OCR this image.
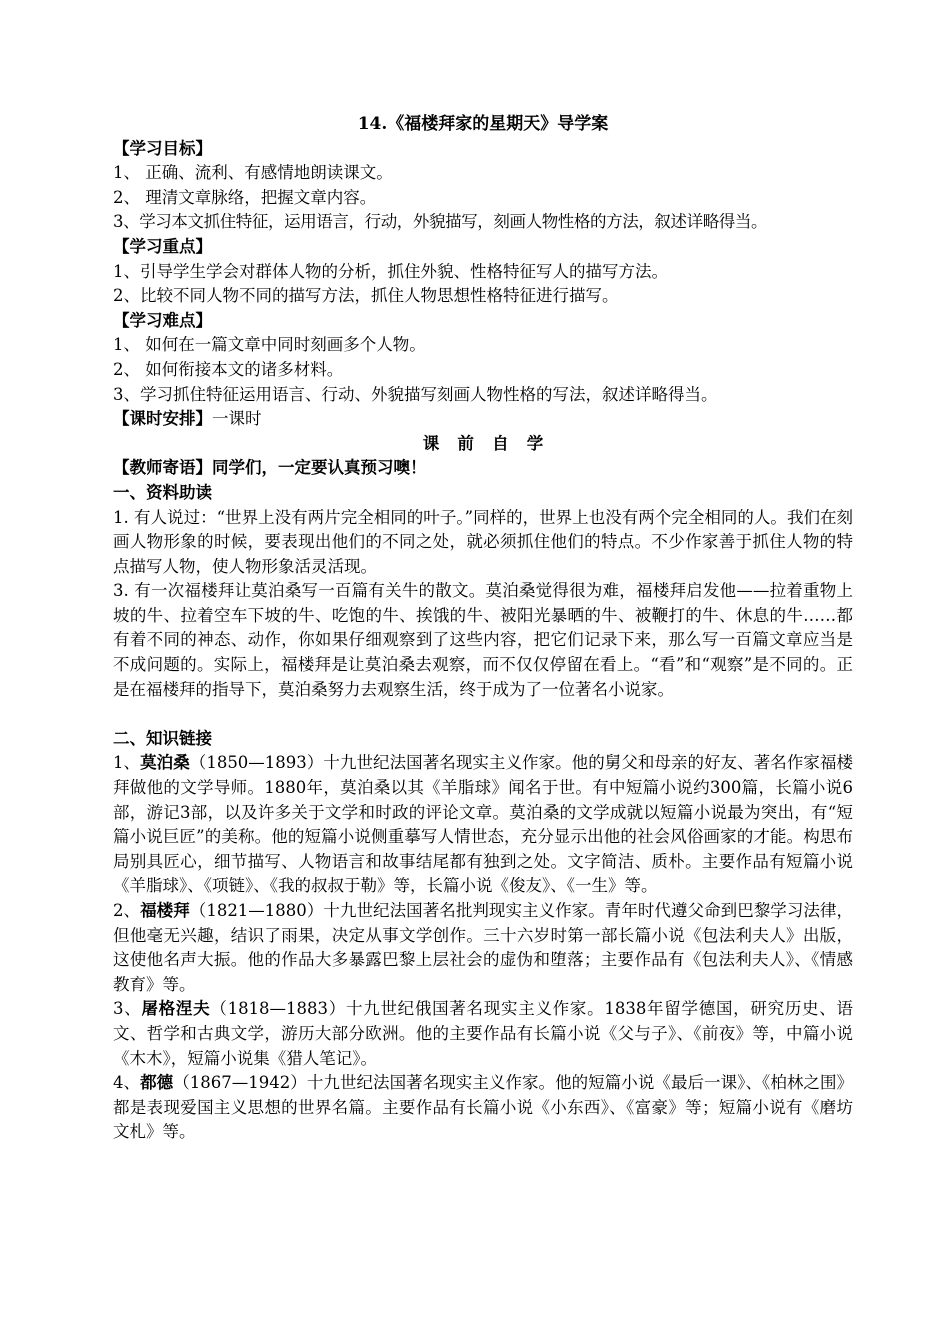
14.《福楼拜家的星期天》导学案

【学习目标】

1、 正确、流利、有感情地朗读课文。

2、 理清文章脉络，把握文章内容。

3、学习本文抓住特征，运用语言，行动，外貌描写，刻画人物性格的方法，叙述详略得当。

【学习重点】

1、引导学生学会对群体人物的分析，抓住外貌、性格特征写人的描写方法。

2、比较不同人物不同的描写方法，抓住人物思想性格特征进行描写。

【学习难点】

1、 如何在一篇文章中同时刻画多个人物。

2、 如何衔接本文的诸多材料。

3、学习抓住特征运用语言、行动、外貌描写刻画人物性格的写法，叙述详略得当。

【课时安排】一课时

课前自学

【教师寄语】同学们，一定要认真预习噢！

一、资料助读

1. 有人说过：“世界上没有两片完全相同的叶子。”同样的，世界上也没有两个完全相同的人。我们在刻画人物形象的时候，要表现出他们的不同之处，就必须抓住他们的特点。不少作家善于抓住人物的特点描写人物，使人物形象活灵活现。

3. 有一次福楼拜让莫泊桑写一百篇有关牛的散文。莫泊桑觉得很为难，福楼拜启发他——拉着重物上坡的牛、拉着空车下坡的牛、吃饱的牛、挨饿的牛、被阳光暴晒的牛、被鞭打的牛、休息的牛……都有着不同的神态、动作，你如果仔细观察到了这些内容，把它们记录下来，那么写一百篇文章应当是不成问题的。实际上，福楼拜是让莫泊桑去观察，而不仅仅停留在看上。“看”和“观察”是不同的。正是在福楼拜的指导下，莫泊桑努力去观察生活，终于成为了一位著名小说家。

二、知识链接

1、莫泊桑（1850—1893）十九世纪法国著名现实主义作家。他的舅父和母亲的好友、著名作家福楼拜做他的文学导师。1880年，莫泊桑以其《羊脂球》闻名于世。有中短篇小说约300篇，长篇小说6部，游记3部，以及许多关于文学和时政的评论文章。莫泊桑的文学成就以短篇小说最为突出，有“短篇小说巨匠”的美称。他的短篇小说侧重摹写人情世态，充分显示出他的社会风俗画家的才能。构思布局别具匠心，细节描写、人物语言和故事结尾都有独到之处。文字简洁、质朴。主要作品有短篇小说《羊脂球》、《项链》、《我的叔叔于勒》等，长篇小说《俊友》、《一生》等。

2、福楼拜（1821—1880）十九世纪法国著名批判现实主义作家。青年时代遵父命到巴黎学习法律，但他毫无兴趣，结识了雨果，决定从事文学创作。三十六岁时第一部长篇小说《包法利夫人》出版，这使他名声大振。他的作品大多暴露巴黎上层社会的虚伪和堕落；主要作品有《包法利夫人》、《情感教育》等。

3、屠格涅夫（1818—1883）十九世纪俄国著名现实主义作家。1838年留学德国，研究历史、语文、哲学和古典文学，游历大部分欧洲。他的主要作品有长篇小说《父与子》、《前夜》等，中篇小说《木木》，短篇小说集《猎人笔记》。

4、都德（1867—1942）十九世纪法国著名现实主义作家。他的短篇小说《最后一课》、《柏林之围》都是表现爱国主义思想的世界名篇。主要作品有长篇小说《小东西》、《富豪》等；短篇小说有《磨坊文札》等。
